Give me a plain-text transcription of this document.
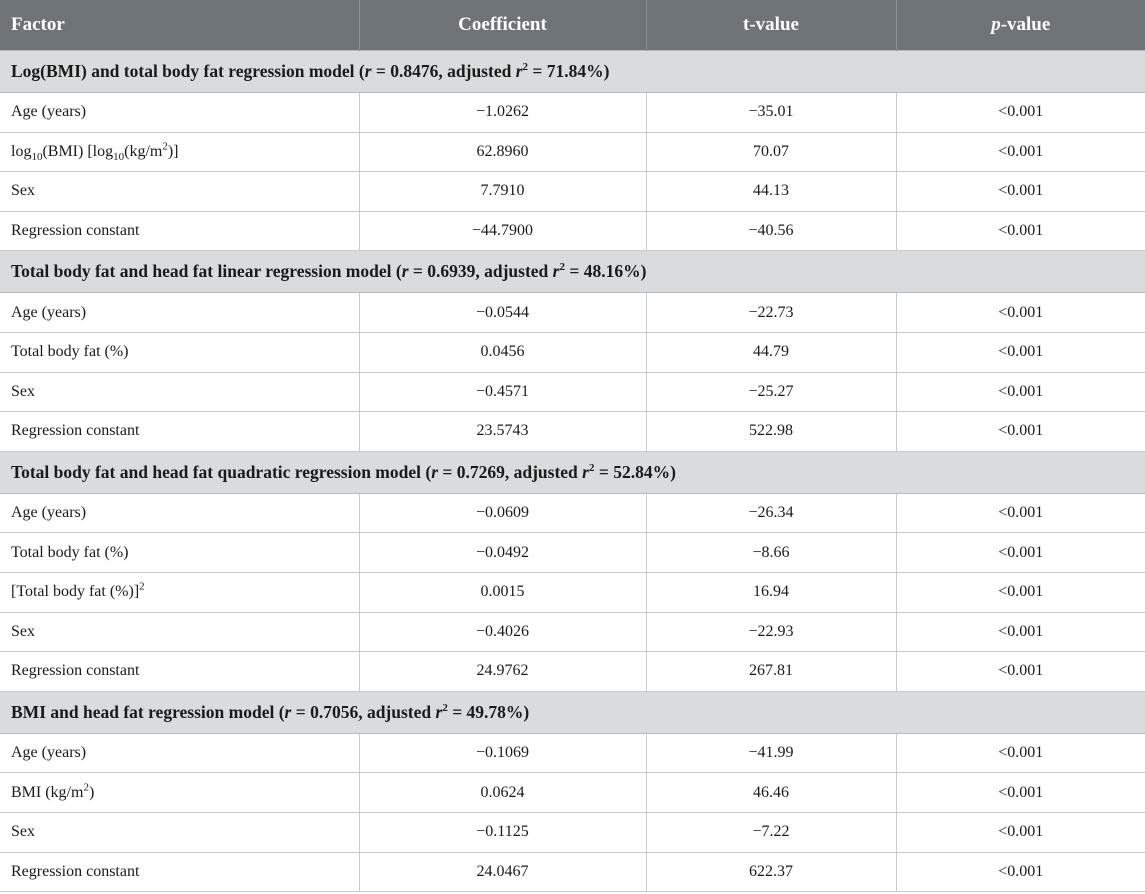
Factor	Coefficient	t-value	p-value
Log(BMI) and total body fat regression model (r = 0.8476, adjusted $r^2 = 71.84\%$)			
Age (years)	−1.0262	−35.01	<0.001
$\log_{10}(BMI)$ $[\log_{10}(kg/m^2)]$	62.8960	70.07	<0.001
Sex	7.7910	44.13	<0.001
Regression constant	−44.7900	−40.56	<0.001
Total body fat and head fat linear regression model (r = 0.6939, adjusted $r^2 = 48.16\%$)			
Age (years)	−0.0544	−22.73	<0.001
Total body fat (%)	0.0456	44.79	<0.001
Sex	−0.4571	−25.27	<0.001
Regression constant	23.5743	522.98	<0.001
Total body fat and head fat quadratic regression model (r = 0.7269, adjusted $r^2 = 52.84\%$)			
Age (years)	−0.0609	−26.34	<0.001
Total body fat (%)	−0.0492	−8.66	<0.001
[Total body fat (%)]$^2$	0.0015	16.94	<0.001
Sex	−0.4026	−22.93	<0.001
Regression constant	24.9762	267.81	<0.001
BMI and head fat regression model (r = 0.7056, adjusted $r^2 = 49.78\%$)			
Age (years)	−0.1069	−41.99	<0.001
BMI $(kg/m^2)$	0.0624	46.46	<0.001
Sex	−0.1125	−7.22	<0.001
Regression constant	24.0467	622.37	<0.001
